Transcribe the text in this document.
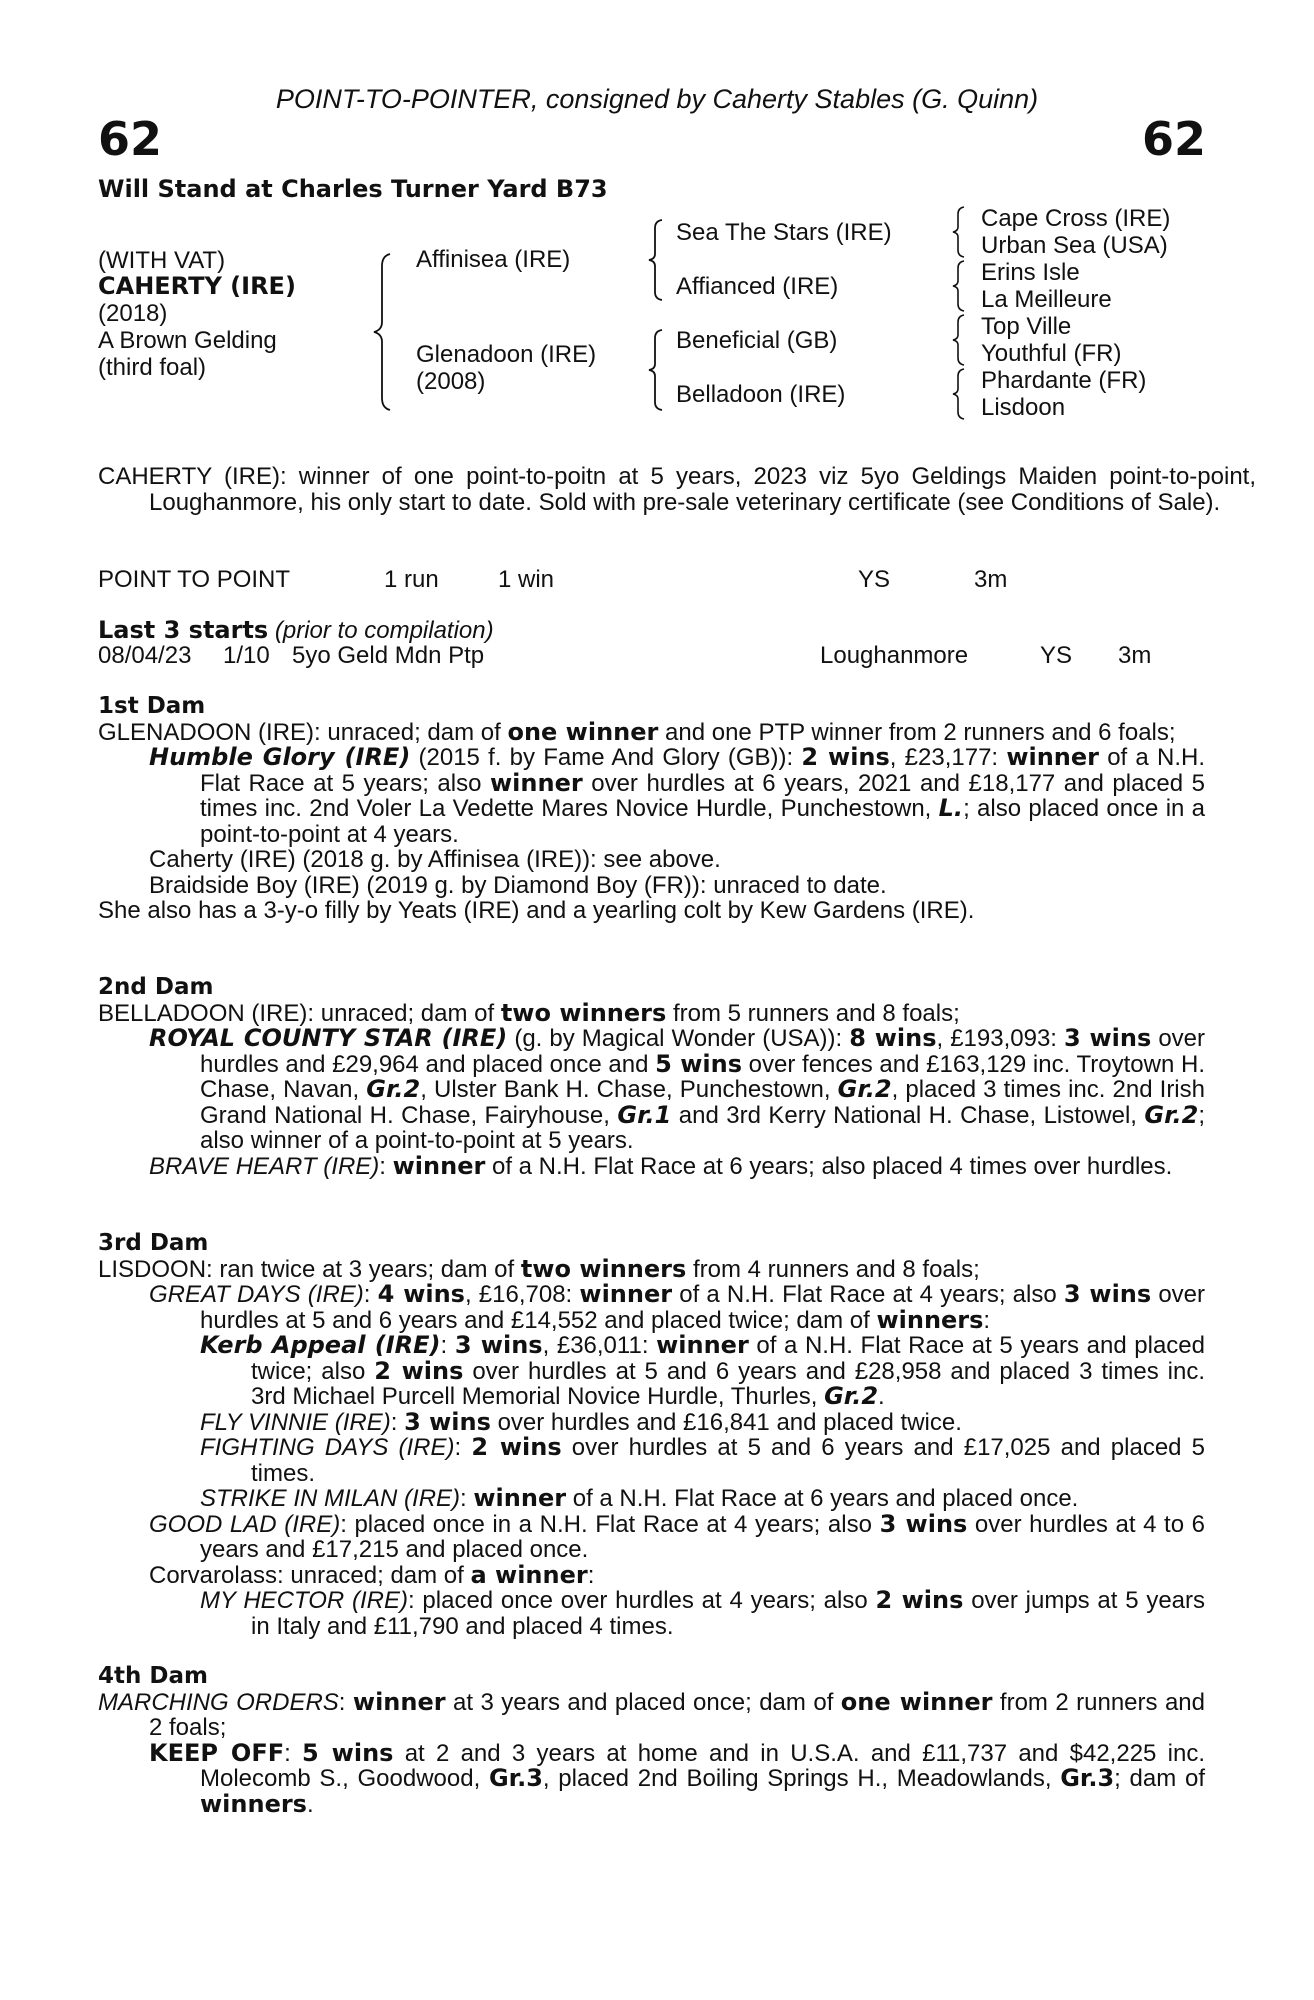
POINT-TO-POINTER, consigned by Caherty Stables (G. Quinn)
62	62
Will Stand at Charles Turner Yard B73
(WITH VAT)
CAHERTY (IRE)
(2018)
A Brown Gelding
(third foal)
Affinisea (IRE)
Glenadoon (IRE)
(2008)
Sea The Stars (IRE)
Affianced (IRE)
Beneficial (GB)
Belladoon (IRE)
Cape Cross (IRE)
Urban Sea (USA)
Erins Isle
La Meilleure
Top Ville
Youthful (FR)
Phardante (FR)
Lisdoon
CAHERTY (IRE): winner of one point-to-poitn at 5 years, 2023 viz 5yo Geldings Maiden point-to-point, Loughanmore, his only start to date. Sold with pre-sale veterinary certificate (see Conditions of Sale).
POINT TO POINT	1 run 1 win	YS	3m
Last 3 starts (prior to compilation)
08/04/23 1/10 5yo Geld Mdn Ptp	Loughanmore	YS 3m
1st Dam
GLENADOON (IRE): unraced; dam of one winner and one PTP winner from 2 runners and 6 foals;
Humble Glory (IRE) (2015 f. by Fame And Glory (GB)): 2 wins, £23,177: winner of a N.H. Flat Race at 5 years; also winner over hurdles at 6 years, 2021 and £18,177 and placed 5 times inc. 2nd Voler La Vedette Mares Novice Hurdle, Punchestown, L.; also placed once in a point-to-point at 4 years.
Caherty (IRE) (2018 g. by Affinisea (IRE)): see above.
Braidside Boy (IRE) (2019 g. by Diamond Boy (FR)): unraced to date.
She also has a 3-y-o filly by Yeats (IRE) and a yearling colt by Kew Gardens (IRE).
2nd Dam
BELLADOON (IRE): unraced; dam of two winners from 5 runners and 8 foals;
ROYAL COUNTY STAR (IRE) (g. by Magical Wonder (USA)): 8 wins, £193,093: 3 wins over hurdles and £29,964 and placed once and 5 wins over fences and £163,129 inc. Troytown H. Chase, Navan, Gr.2, Ulster Bank H. Chase, Punchestown, Gr.2, placed 3 times inc. 2nd Irish Grand National H. Chase, Fairyhouse, Gr.1 and 3rd Kerry National H. Chase, Listowel, Gr.2; also winner of a point-to-point at 5 years.
BRAVE HEART (IRE): winner of a N.H. Flat Race at 6 years; also placed 4 times over hurdles.
3rd Dam
LISDOON: ran twice at 3 years; dam of two winners from 4 runners and 8 foals;
GREAT DAYS (IRE): 4 wins, £16,708: winner of a N.H. Flat Race at 4 years; also 3 wins over hurdles at 5 and 6 years and £14,552 and placed twice; dam of winners:
Kerb Appeal (IRE): 3 wins, £36,011: winner of a N.H. Flat Race at 5 years and placed twice; also 2 wins over hurdles at 5 and 6 years and £28,958 and placed 3 times inc. 3rd Michael Purcell Memorial Novice Hurdle, Thurles, Gr.2.
FLY VINNIE (IRE): 3 wins over hurdles and £16,841 and placed twice.
FIGHTING DAYS (IRE): 2 wins over hurdles at 5 and 6 years and £17,025 and placed 5 times.
STRIKE IN MILAN (IRE): winner of a N.H. Flat Race at 6 years and placed once.
GOOD LAD (IRE): placed once in a N.H. Flat Race at 4 years; also 3 wins over hurdles at 4 to 6 years and £17,215 and placed once.
Corvarolass: unraced; dam of a winner:
MY HECTOR (IRE): placed once over hurdles at 4 years; also 2 wins over jumps at 5 years in Italy and £11,790 and placed 4 times.
4th Dam
MARCHING ORDERS: winner at 3 years and placed once; dam of one winner from 2 runners and 2 foals;
KEEP OFF: 5 wins at 2 and 3 years at home and in U.S.A. and £11,737 and $42,225 inc. Molecomb S., Goodwood, Gr.3, placed 2nd Boiling Springs H., Meadowlands, Gr.3; dam of winners.
